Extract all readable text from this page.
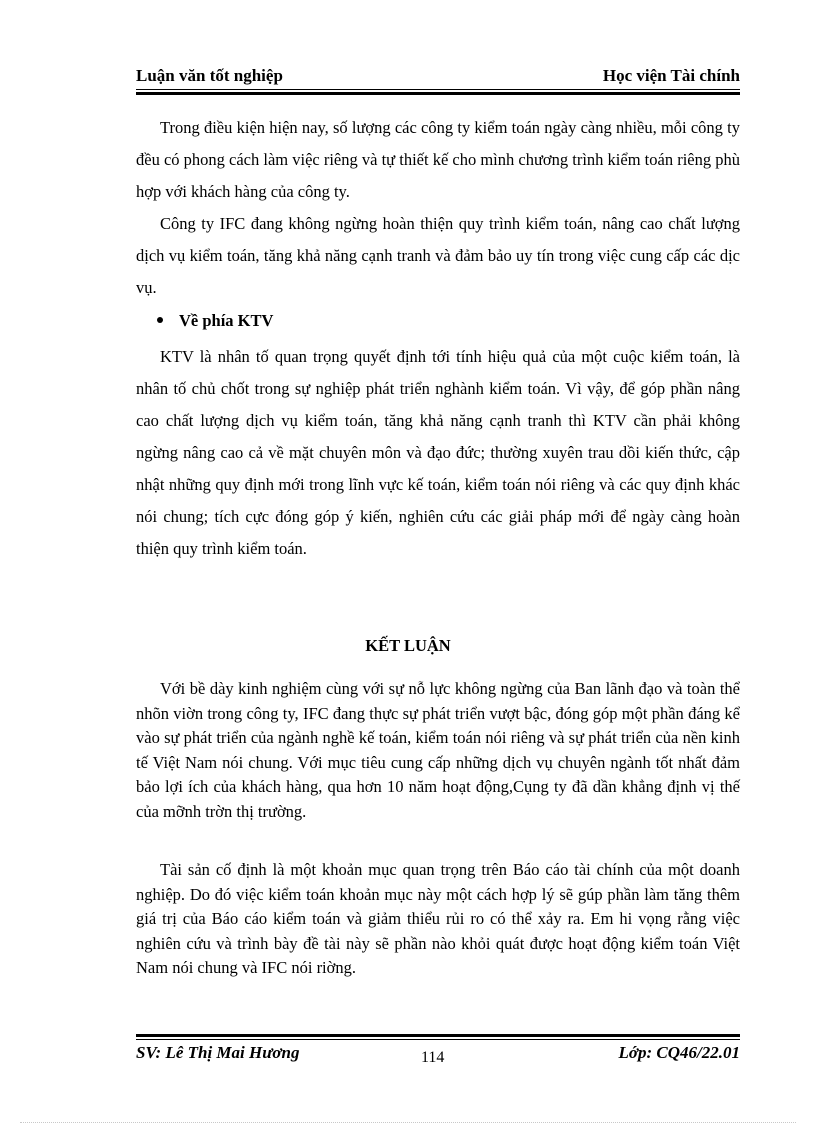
Luận văn tốt nghiệp	Học viện Tài chính

Trong điều kiện hiện nay, số lượng các công ty kiểm toán ngày càng nhiều, mỗi công ty đều có phong cách làm việc riêng và tự thiết kế cho mình chương trình kiểm toán riêng phù hợp với khách hàng của công ty.

Công ty IFC đang không ngừng hoàn thiện quy trình kiểm toán, nâng cao chất lượng dịch vụ kiểm toán, tăng khả năng cạnh tranh và đảm bảo uy tín trong việc cung cấp các dịc vụ.

Về phía KTV

KTV là nhân tố quan trọng quyết định tới tính hiệu quả của một cuộc kiểm toán, là nhân tố chủ chốt trong sự nghiệp phát triển nghành kiểm toán. Vì vậy, để góp phần nâng cao chất lượng dịch vụ kiểm toán, tăng khả năng cạnh tranh thì KTV cần phải không ngừng nâng cao cả về mặt chuyên môn và đạo đức; thường xuyên trau dồi kiến thức, cập nhật những quy định mới trong lĩnh vực kế toán, kiểm toán nói riêng và các quy định khác nói chung; tích cực đóng góp ý kiến, nghiên cứu các giải pháp mới để ngày càng hoàn thiện quy trình kiểm toán.

KẾT LUẬN

Với bề dày kinh nghiệm cùng với sự nỗ lực không ngừng của Ban lãnh đạo và toàn thể nhõn viờn trong công ty, IFC đang thực sự phát triển vượt bậc, đóng góp một phần đáng kể vào sự phát triển của ngành nghề kế toán, kiểm toán nói riêng và sự phát triển của nền kinh tế Việt Nam nói chung. Với mục tiêu cung cấp những dịch vụ chuyên ngành tốt nhất đảm bảo lợi ích của khách hàng, qua hơn 10 năm hoạt động,Cụng ty đã dần khẳng định vị thế của mỡnh trờn thị trường.

Tài sản cố định là một khoản mục quan trọng trên Báo cáo tài chính của một doanh nghiệp. Do đó việc kiểm toán khoản mục này một cách hợp lý sẽ gúp phần làm tăng thêm giá trị của Báo cáo kiểm toán và giảm thiểu rủi ro có thể xảy ra. Em hi vọng rằng việc nghiên cứu và trình bày đề tài này sẽ phần nào khỏi quát được hoạt động kiểm toán Việt Nam nói chung và IFC nói riờng.

SV: Lê Thị Mai Hương	114	Lớp: CQ46/22.01
